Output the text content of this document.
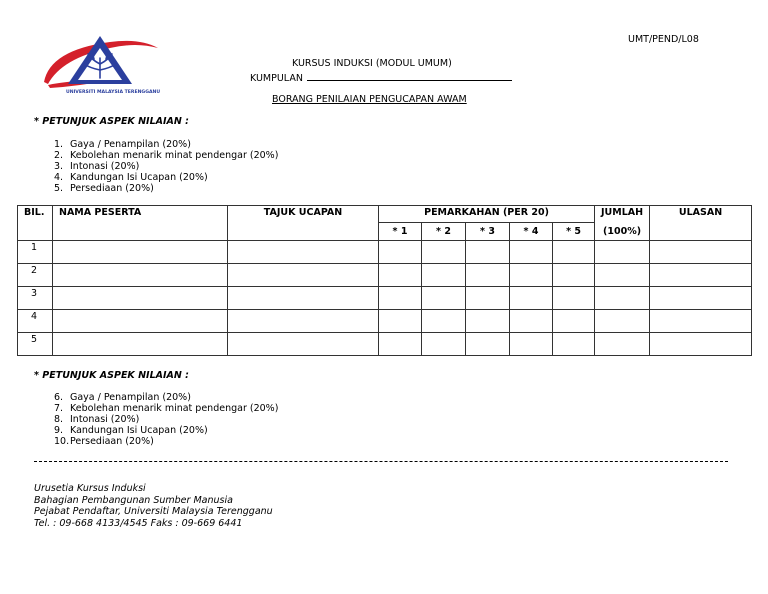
UNIVERSITI MALAYSIA TERENGGANU
UMT/PEND/L08
KURSUS INDUKSI (MODUL UMUM)
KUMPULAN
BORANG PENILAIAN PENGUCAPAN AWAM
* PETUNJUK ASPEK NILAIAN :
1. Gaya / Penampilan (20%)
2. Kebolehan menarik minat pendengar (20%)
3. Intonasi (20%)
4. Kandungan Isi Ucapan (20%)
5. Persediaan (20%)
BIL.	NAMA PESERTA	TAJUK UCAPAN	PEMARKAHAN (PER 20)					JUMLAH	ULASAN
			* 1	* 2	* 3	* 4	* 5	(100%)	
1									
2									
3									
4									
5									
* PETUNJUK ASPEK NILAIAN :
6. Gaya / Penampilan (20%)
7. Kebolehan menarik minat pendengar (20%)
8. Intonasi (20%)
9. Kandungan Isi Ucapan (20%)
10.Persediaan (20%)
Urusetia Kursus Induksi
Bahagian Pembangunan Sumber Manusia
Pejabat Pendaftar, Universiti Malaysia Terengganu
Tel. : 09-668 4133/4545 Faks : 09-669 6441
